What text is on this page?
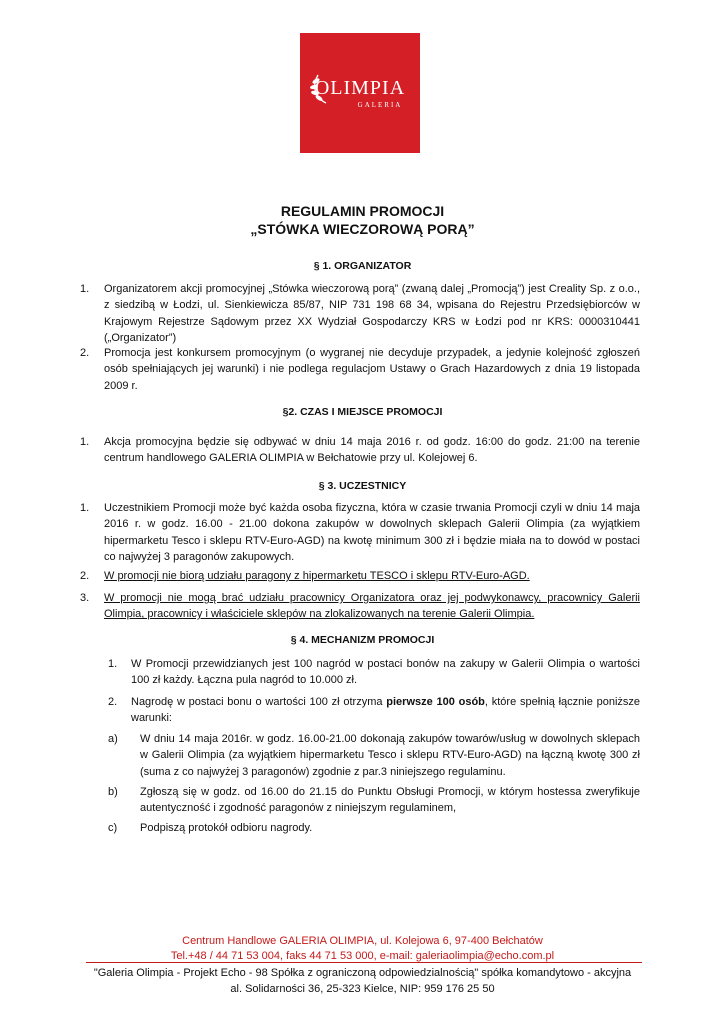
OLIMPIA
GALERIA
REGULAMIN PROMOCJI
„STÓWKA WIECZOROWĄ PORĄ”
§ 1. ORGANIZATOR
1. Organizatorem akcji promocyjnej „Stówka wieczorową porą” (zwaną dalej „Promocją”) jest Creality Sp. z o.o., z siedzibą w Łodzi, ul. Sienkiewicza 85/87, NIP 731 198 68 34, wpisana do Rejestru Przedsiębiorców w Krajowym Rejestrze Sądowym przez XX Wydział Gospodarczy KRS w Łodzi pod nr KRS: 0000310441 („Organizator”)
2. Promocja jest konkursem promocyjnym (o wygranej nie decyduje przypadek, a jedynie kolejność zgłoszeń osób spełniających jej warunki) i nie podlega regulacjom Ustawy o Grach Hazardowych z dnia 19 listopada 2009 r.
§2. CZAS I MIEJSCE PROMOCJI
1. Akcja promocyjna będzie się odbywać w dniu 14 maja 2016 r. od godz. 16:00 do godz. 21:00 na terenie centrum handlowego GALERIA OLIMPIA w Bełchatowie przy ul. Kolejowej 6.
§ 3. UCZESTNICY
1. Uczestnikiem Promocji może być każda osoba fizyczna, która w czasie trwania Promocji czyli w dniu 14 maja 2016 r. w godz. 16.00 - 21.00 dokona zakupów w dowolnych sklepach Galerii Olimpia (za wyjątkiem hipermarketu Tesco i sklepu RTV-Euro-AGD) na kwotę minimum 300 zł i będzie miała na to dowód w postaci co najwyżej 3 paragonów zakupowych.
2. W promocji nie biorą udziału paragony z hipermarketu TESCO i sklepu RTV-Euro-AGD.
3. W promocji nie mogą brać udziału pracownicy Organizatora oraz jej podwykonawcy, pracownicy Galerii Olimpia, pracownicy i właściciele sklepów na zlokalizowanych na terenie Galerii Olimpia.
§ 4. MECHANIZM PROMOCJI
1. W Promocji przewidzianych jest 100 nagród w postaci bonów na zakupy w Galerii Olimpia o wartości 100 zł każdy. Łączna pula nagród to 10.000 zł.
2. Nagrodę w postaci bonu o wartości 100 zł otrzyma pierwsze 100 osób, które spełnią łącznie poniższe warunki:
a) W dniu 14 maja 2016r. w godz. 16.00-21.00 dokonają zakupów towarów/usług w dowolnych sklepach w Galerii Olimpia (za wyjątkiem hipermarketu Tesco i sklepu RTV-Euro-AGD) na łączną kwotę 300 zł (suma z co najwyżej 3 paragonów) zgodnie z par.3 niniejszego regulaminu.
b) Zgłoszą się w godz. od 16.00 do 21.15 do Punktu Obsługi Promocji, w którym hostessa zweryfikuje autentyczność i zgodność paragonów z niniejszym regulaminem,
c) Podpiszą protokół odbioru nagrody.
Centrum Handlowe GALERIA OLIMPIA, ul. Kolejowa 6, 97-400 Bełchatów
Tel.+48 / 44 71 53 004, faks 44 71 53 000, e-mail: galeriaolimpia@echo.com.pl
"Galeria Olimpia - Projekt Echo - 98 Spółka z ograniczoną odpowiedzialnością" spółka komandytowo - akcyjna
al. Solidarności 36, 25-323 Kielce, NIP: 959 176 25 50
